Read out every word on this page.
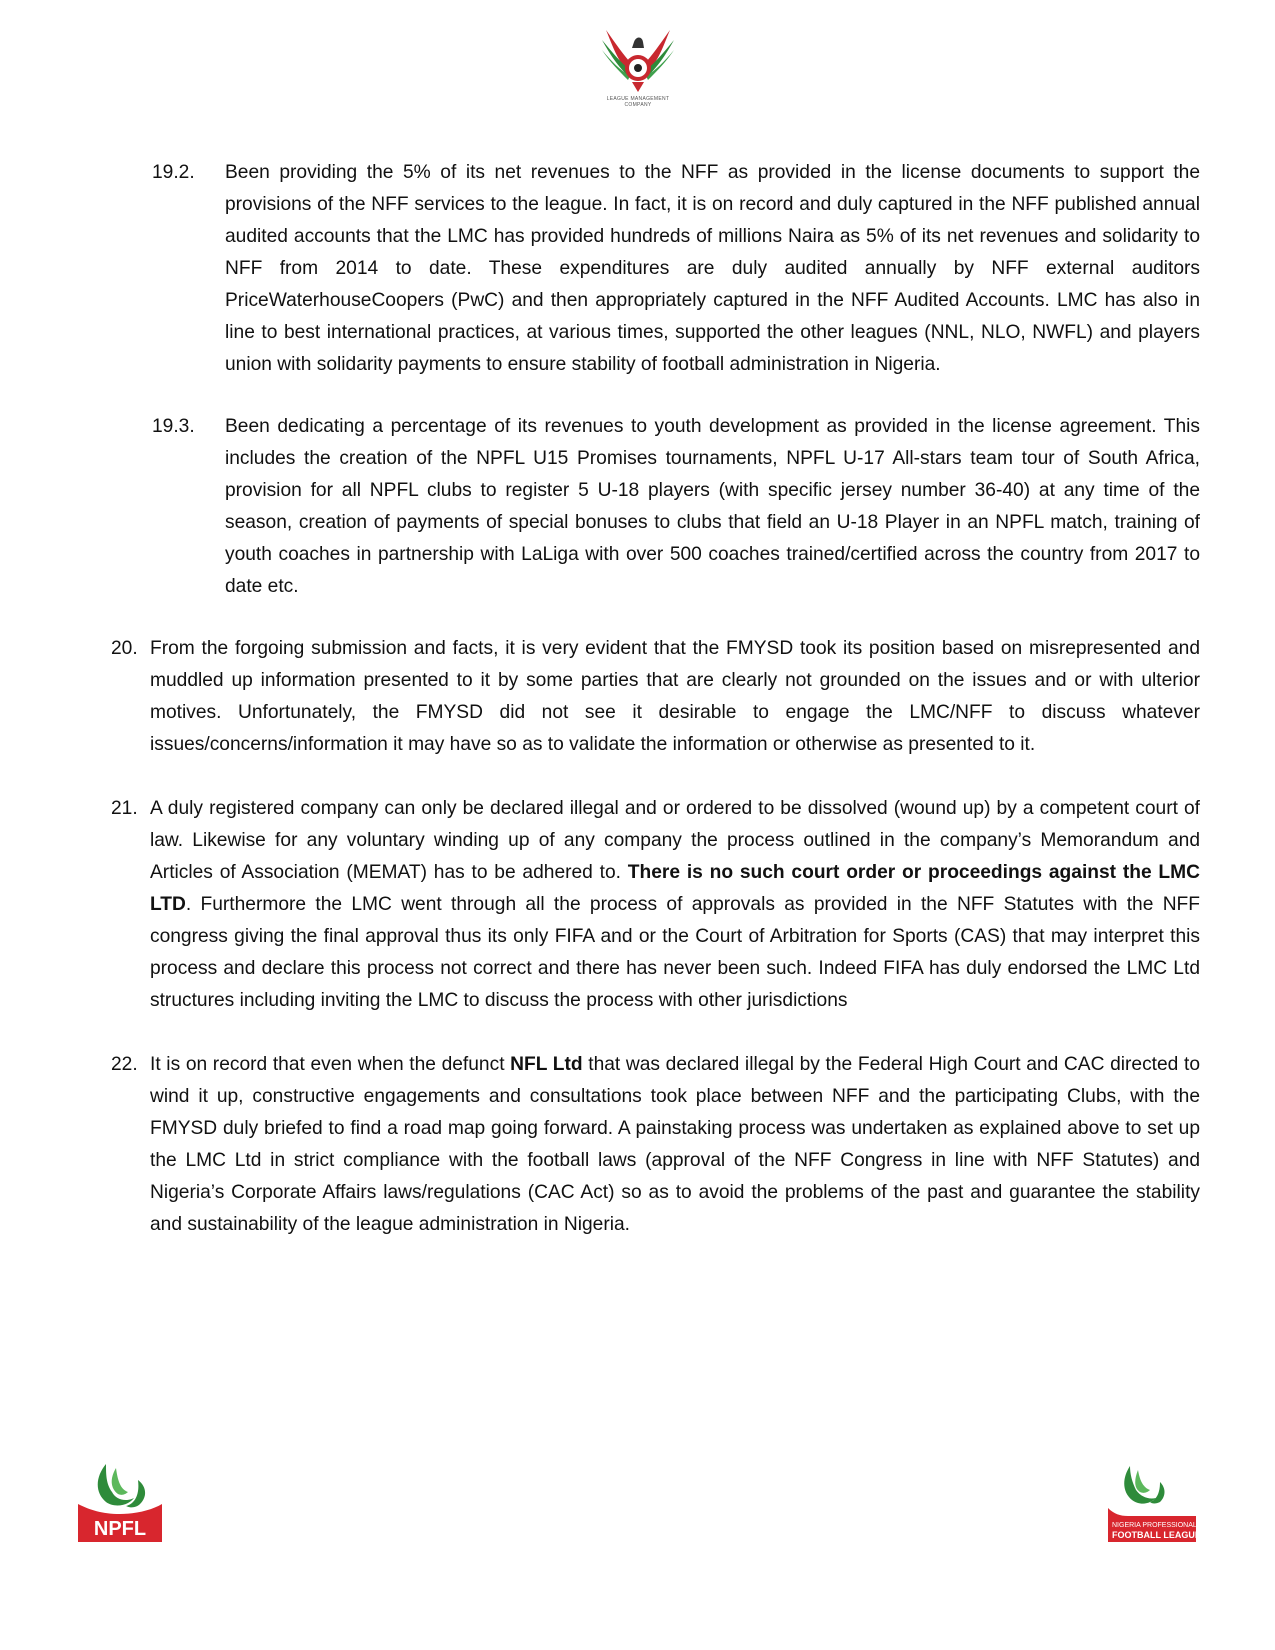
LEAGUE MANAGEMENT
COMPANY
19.2. Been providing the 5% of its net revenues to the NFF as provided in the license documents to support the provisions of the NFF services to the league. In fact, it is on record and duly captured in the NFF published annual audited accounts that the LMC has provided hundreds of millions Naira as 5% of its net revenues and solidarity to NFF from 2014 to date. These expenditures are duly audited annually by NFF external auditors PriceWaterhouseCoopers (PwC) and then appropriately captured in the NFF Audited Accounts. LMC has also in line to best international practices, at various times, supported the other leagues (NNL, NLO, NWFL) and players union with solidarity payments to ensure stability of football administration in Nigeria.
19.3. Been dedicating a percentage of its revenues to youth development as provided in the license agreement. This includes the creation of the NPFL U15 Promises tournaments, NPFL U-17 All-stars team tour of South Africa, provision for all NPFL clubs to register 5 U-18 players (with specific jersey number 36-40) at any time of the season, creation of payments of special bonuses to clubs that field an U-18 Player in an NPFL match, training of youth coaches in partnership with LaLiga with over 500 coaches trained/certified across the country from 2017 to date etc.
20. From the forgoing submission and facts, it is very evident that the FMYSD took its position based on misrepresented and muddled up information presented to it by some parties that are clearly not grounded on the issues and or with ulterior motives. Unfortunately, the FMYSD did not see it desirable to engage the LMC/NFF to discuss whatever issues/concerns/information it may have so as to validate the information or otherwise as presented to it.
21. A duly registered company can only be declared illegal and or ordered to be dissolved (wound up) by a competent court of law. Likewise for any voluntary winding up of any company the process outlined in the company’s Memorandum and Articles of Association (MEMAT) has to be adhered to. There is no such court order or proceedings against the LMC LTD. Furthermore the LMC went through all the process of approvals as provided in the NFF Statutes with the NFF congress giving the final approval thus its only FIFA and or the Court of Arbitration for Sports (CAS) that may interpret this process and declare this process not correct and there has never been such. Indeed FIFA has duly endorsed the LMC Ltd structures including inviting the LMC to discuss the process with other jurisdictions
22. It is on record that even when the defunct NFL Ltd that was declared illegal by the Federal High Court and CAC directed to wind it up, constructive engagements and consultations took place between NFF and the participating Clubs, with the FMYSD duly briefed to find a road map going forward. A painstaking process was undertaken as explained above to set up the LMC Ltd in strict compliance with the football laws (approval of the NFF Congress in line with NFF Statutes) and Nigeria’s Corporate Affairs laws/regulations (CAC Act) so as to avoid the problems of the past and guarantee the stability and sustainability of the league administration in Nigeria.
NPFL	NIGERIA PROFESSIONAL
FOOTBALL LEAGUE
